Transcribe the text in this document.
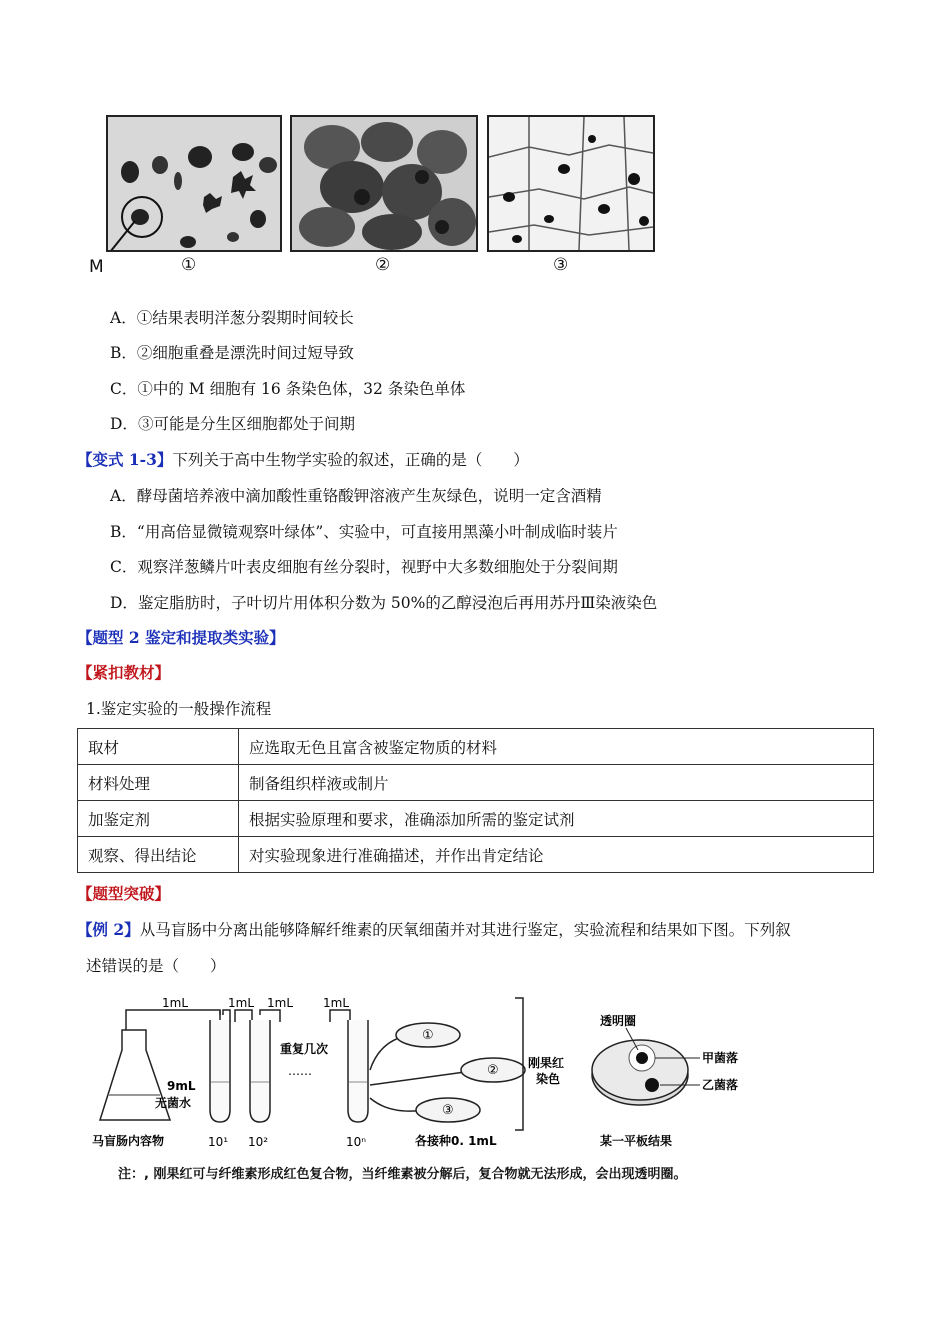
M	①	②	③
A．①结果表明洋葱分裂期时间较长
B．②细胞重叠是漂洗时间过短导致
C．①中的 M 细胞有 16 条染色体，32 条染色单体
D．③可能是分生区细胞都处于间期
【变式 1-3】下列关于高中生物学实验的叙述，正确的是（　　）
A．酵母菌培养液中滴加酸性重铬酸钾溶液产生灰绿色，说明一定含酒精
B．“用高倍显微镜观察叶绿体”、实验中，可直接用黑藻小叶制成临时装片
C．观察洋葱鳞片叶表皮细胞有丝分裂时，视野中大多数细胞处于分裂间期
D．鉴定脂肪时，子叶切片用体积分数为 50%的乙醇浸泡后再用苏丹Ⅲ染液染色
【题型 2 鉴定和提取类实验】
【紧扣教材】
1.鉴定实验的一般操作流程
取材	应选取无色且富含被鉴定物质的材料
材料处理	制备组织样液或制片
加鉴定剂	根据实验原理和要求，准确添加所需的鉴定试剂
观察、得出结论	对实验现象进行准确描述，并作出肯定结论
【题型突破】
【例 2】从马盲肠中分离出能够降解纤维素的厌氧细菌并对其进行鉴定，实验流程和结果如下图。下列叙
述错误的是（　　）
1mL	1mL 1mL 1mL
9mL
无菌水
马盲肠内容物	10¹ 10²	10ⁿ
重复几次
……
①
②
③
各接种0. 1mL
刚果红
染色
透明圈
甲菌落
乙菌落
某一平板结果
注：, 刚果红可与纤维素形成红色复合物，当纤维素被分解后，复合物就无法形成，会出现透明圈。
